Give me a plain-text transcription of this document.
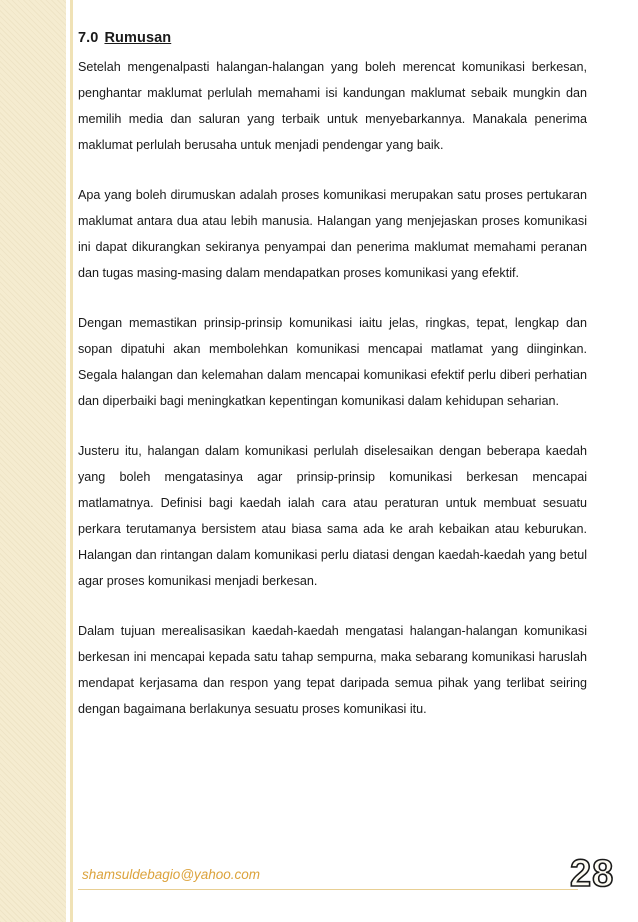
7.0 Rumusan

Setelah mengenalpasti halangan-halangan yang boleh merencat komunikasi berkesan, penghantar maklumat perlulah memahami isi kandungan maklumat sebaik mungkin dan memilih media dan saluran yang terbaik untuk menyebarkannya. Manakala penerima maklumat perlulah berusaha untuk menjadi pendengar yang baik.

Apa yang boleh dirumuskan adalah proses komunikasi merupakan satu proses pertukaran maklumat antara dua atau lebih manusia. Halangan yang menjejaskan proses komunikasi ini dapat dikurangkan sekiranya penyampai dan penerima maklumat memahami peranan dan tugas masing-masing dalam mendapatkan proses komunikasi yang efektif.

Dengan memastikan prinsip-prinsip komunikasi iaitu jelas, ringkas, tepat, lengkap dan sopan dipatuhi akan membolehkan komunikasi mencapai matlamat yang diinginkan. Segala halangan dan kelemahan dalam mencapai komunikasi efektif perlu diberi perhatian dan diperbaiki bagi meningkatkan kepentingan komunikasi dalam kehidupan seharian.

Justeru itu, halangan dalam komunikasi perlulah diselesaikan dengan beberapa kaedah yang boleh mengatasinya agar prinsip-prinsip komunikasi berkesan mencapai matlamatnya. Definisi bagi kaedah ialah cara atau peraturan untuk membuat sesuatu perkara terutamanya bersistem atau biasa sama ada ke arah kebaikan atau keburukan. Halangan dan rintangan dalam komunikasi perlu diatasi dengan kaedah-kaedah yang betul agar proses komunikasi menjadi berkesan.

Dalam tujuan merealisasikan kaedah-kaedah mengatasi halangan-halangan komunikasi berkesan ini mencapai kepada satu tahap sempurna, maka sebarang komunikasi haruslah mendapat kerjasama dan respon yang tepat daripada semua pihak yang terlibat seiring dengan bagaimana berlakunya sesuatu proses komunikasi itu.

shamsuldebagio@yahoo.com	28
